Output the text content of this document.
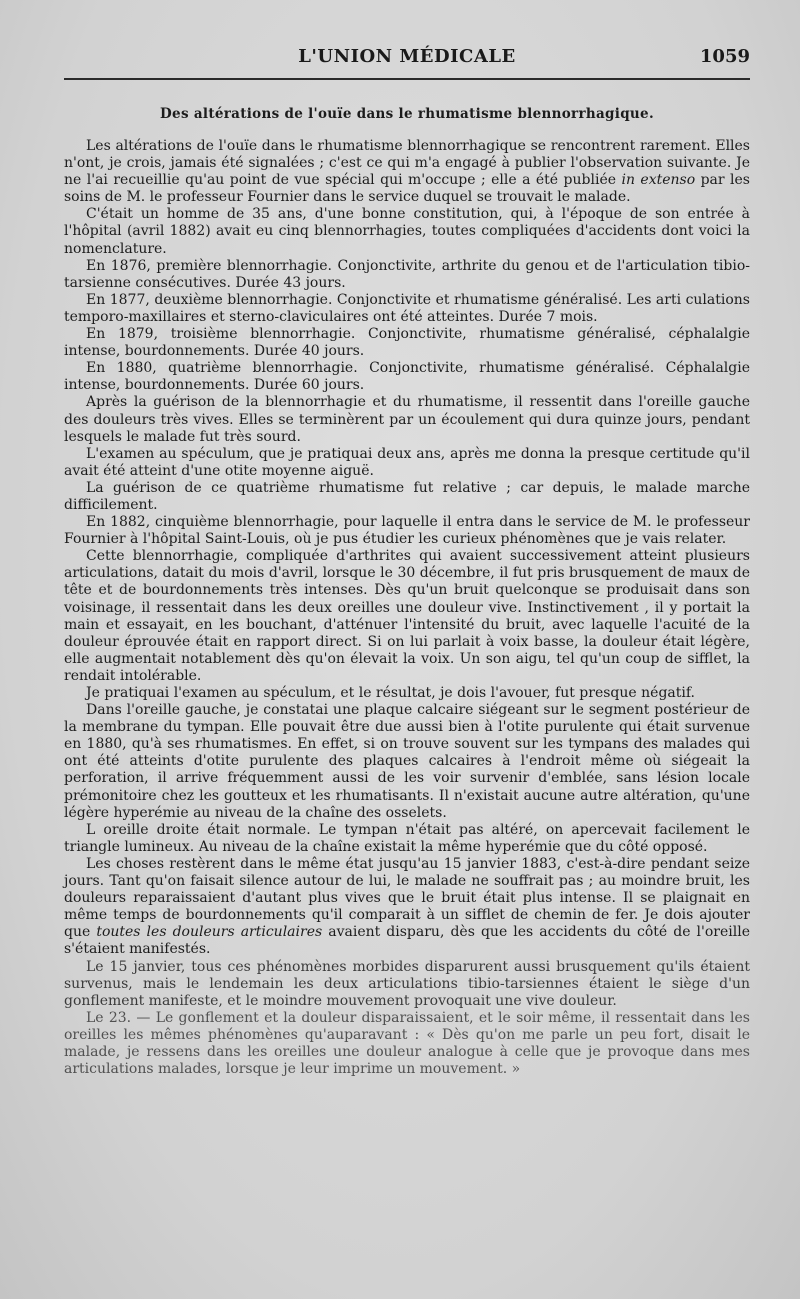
L'UNION MÉDICALE	1059
Des altérations de l'ouïe dans le rhumatisme blennorrhagique.

Les altérations de l'ouïe dans le rhumatisme blennorrhagique se rencontrent rarement. Elles n'ont, je crois, jamais été signalées ; c'est ce qui m'a engagé à publier l'observation suivante. Je ne l'ai recueillie qu'au point de vue spécial qui m'occupe ; elle a été publiée in extenso par les soins de M. le professeur Fournier dans le service duquel se trouvait le malade.

C'était un homme de 35 ans, d'une bonne constitution, qui, à l'époque de son entrée à l'hôpital (avril 1882) avait eu cinq blennorrhagies, toutes compliquées d'accidents dont voici la nomenclature.

En 1876, première blennorrhagie. Conjonctivite, arthrite du genou et de l'articulation tibio-tarsienne consécutives. Durée 43 jours.

En 1877, deuxième blennorrhagie. Conjonctivite et rhumatisme généralisé. Les arti culations temporo-maxillaires et sterno-claviculaires ont été atteintes. Durée 7 mois.

En 1879, troisième blennorrhagie. Conjonctivite, rhumatisme généralisé, céphalalgie intense, bourdonnements. Durée 40 jours.

En 1880, quatrième blennorrhagie. Conjonctivite, rhumatisme généralisé. Céphalalgie intense, bourdonnements. Durée 60 jours.

Après la guérison de la blennorrhagie et du rhumatisme, il ressentit dans l'oreille gauche des douleurs très vives. Elles se terminèrent par un écoulement qui dura quinze jours, pendant lesquels le malade fut très sourd.

L'examen au spéculum, que je pratiquai deux ans, après me donna la presque certitude qu'il avait été atteint d'une otite moyenne aiguë.

La guérison de ce quatrième rhumatisme fut relative ; car depuis, le malade marche difficilement.

En 1882, cinquième blennorrhagie, pour laquelle il entra dans le service de M. le professeur Fournier à l'hôpital Saint-Louis, où je pus étudier les curieux phénomènes que je vais relater.

Cette blennorrhagie, compliquée d'arthrites qui avaient successivement atteint plusieurs articulations, datait du mois d'avril, lorsque le 30 décembre, il fut pris brusquement de maux de tête et de bourdonnements très intenses. Dès qu'un bruit quelconque se produisait dans son voisinage, il ressentait dans les deux oreilles une douleur vive. Instinctivement , il y portait la main et essayait, en les bouchant, d'atténuer l'intensité du bruit, avec laquelle l'acuité de la douleur éprouvée était en rapport direct. Si on lui parlait à voix basse, la douleur était légère, elle augmentait notablement dès qu'on élevait la voix. Un son aigu, tel qu'un coup de sifflet, la rendait intolérable.

Je pratiquai l'examen au spéculum, et le résultat, je dois l'avouer, fut presque négatif.

Dans l'oreille gauche, je constatai une plaque calcaire siégeant sur le segment postérieur de la membrane du tympan. Elle pouvait être due aussi bien à l'otite purulente qui était survenue en 1880, qu'à ses rhumatismes. En effet, si on trouve souvent sur les tympans des malades qui ont été atteints d'otite purulente des plaques calcaires à l'endroit même où siégeait la perforation, il arrive fréquemment aussi de les voir survenir d'emblée, sans lésion locale prémonitoire chez les goutteux et les rhumatisants. Il n'existait aucune autre altération, qu'une légère hyperémie au niveau de la chaîne des osselets.

L oreille droite était normale. Le tympan n'était pas altéré, on apercevait facilement le triangle lumineux. Au niveau de la chaîne existait la même hyperémie que du côté opposé.

Les choses restèrent dans le même état jusqu'au 15 janvier 1883, c'est-à-dire pendant seize jours. Tant qu'on faisait silence autour de lui, le malade ne souffrait pas ; au moindre bruit, les douleurs reparaissaient d'autant plus vives que le bruit était plus intense. Il se plaignait en même temps de bourdonnements qu'il comparait à un sifflet de chemin de fer. Je dois ajouter que toutes les douleurs articulaires avaient disparu, dès que les accidents du côté de l'oreille s'étaient manifestés.

Le 15 janvier, tous ces phénomènes morbides disparurent aussi brusquement qu'ils étaient survenus, mais le lendemain les deux articulations tibio-tarsiennes étaient le siège d'un gonflement manifeste, et le moindre mouvement provoquait une vive douleur.

Le 23. — Le gonflement et la douleur disparaissaient, et le soir même, il ressentait dans les oreilles les mêmes phénomènes qu'auparavant : « Dès qu'on me parle un peu fort, disait le malade, je ressens dans les oreilles une douleur analogue à celle que je provoque dans mes articulations malades, lorsque je leur imprime un mouvement. »
